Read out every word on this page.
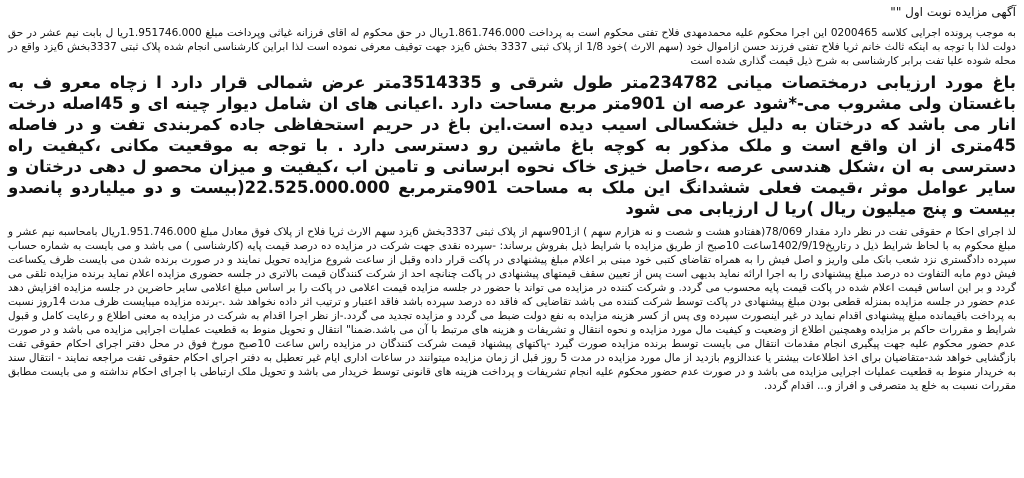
آگهی مزایده نوبت اول ""

به موجب پرونده اجرایی کلاسه 0200465 این اجرا محکوم علیه محمدمهدی فلاح تفتی محکوم است به پرداخت 1.861.746.000ریال در حق محکوم له اقای فرزانه غیاثی وپرداخت مبلغ 1.951746.000ریا ل بابت نیم عشر در حق دولت لذا با توجه به اینکه ثالث خانم ثریا فلاح تفتی فرزند حسن ازاموال خود (سهم الارث )خود 1/8 از پلاک ثبتی 3337 بخش 6یزد جهت توقیف معرفی نموده است لذا ابراین کارشناسی انجام شده پلاک ثبتی 3337بخش 6یزد واقع در محله شوده علیا تفت برابر کارشناسی به شرح ذیل قیمت گذاری شده است

باغ مورد ارزیابی درمختصات میانی 234782متر طول شرقی و 3514335متر عرض شمالی قرار دارد ا زچاه معرو ف به باغستان ولی مشروب می-*شود عرصه ان 901متر مربع مساحت دارد .اعیانی های ان شامل دیوار چینه ای و 45اصله درخت انار می باشد که درختان به دلیل خشکسالی اسیب دیده است.این باغ در حریم استحفاظی جاده کمربندی تفت و در فاصله 45متری از ان واقع است و ملک مذکور به کوچه باغ ماشین رو دسترسی دارد . با توجه به موقعیت مکانی ،کیفیت راه دسترسی به ان ،شکل هندسی عرصه ،حاصل خیزی خاک نحوه ابرسانی و تامین اب ،کیفیت و میزان محصو ل دهی درختان و سایر عوامل موثر ،قیمت فعلی ششدانگ این ملک به مساحت 901مترمربع 22.525.000.000(بیست و دو میلیاردو پانصدو بیست و پنج میلیون ریال )ریا ل ارزیابی می شود

لذ اجرای احکا م حقوقی تفت در نظر دارد مقدار 78/069(هفتادو هشت و شصت و نه هزارم سهم ) از901سهم از پلاک ثبتی 3337بخش 6یزد سهم الارث ثریا فلاح از پلاک فوق معادل مبلغ 1.951.746.000ریال بامحاسبه نیم عشر و مبلغ محکوم به با لحاظ شرایط ذیل د رتاریخ1402/9/19ساعت 10صبح از طریق مزایده با شرایط ذیل بفروش برساند: -سپرده نقدی جهت شرکت در مزایده ده درصد قیمت پایه (کارشناسی ) می باشد و می بایست به شماره حساب سپرده دادگستری نزد شعب بانک ملی واریز و اصل فیش را به همراه تقاضای کتبی خود مبنی بر اعلام مبلغ پیشنهادی در پاکت قرار داده وقبل از ساعت شروع مزایده تحویل نمایند و در صورت برنده شدن می بایست ظرف یکساعت فیش دوم مابه التفاوت ده درصد مبلغ پیشنهادی را به اجرا ارائه نماید بدیهی است پس از تعیین سقف قیمتهای پیشنهادی در پاکت چنانچه احد از شرکت کنندگان قیمت بالاتری در جلسه حضوری مزایده اعلام نماید برنده مزایده تلقی می گردد و بر این اساس قیمت اعلام شده در پاکت قیمت پایه محسوب می گردد. و شرکت کننده در مزایده می تواند با حضور در جلسه مزایده قیمت اعلامی در پاکت را بر اساس مبلغ اعلامی سایر حاضرین در جلسه مزایده افزایش دهد عدم حضور در جلسه مزایده بمنزله قطعی بودن مبلغ پیشنهادی در پاکت توسط شرکت کننده می باشد تقاضایی که فاقد ده درصد سپرده باشد فاقد اعتبار و ترتیب اثر داده نخواهد شد .-برنده مزایده میبایست ظرف مدت 14روز نسبت به پرداخت باقیمانده مبلغ پیشنهادی اقدام نماید در غیر اینصورت سپرده وی پس از کسر هزینه مزایده به نفع دولت ضبط می گردد و مزایده تجدید می گردد.-از نظر اجرا اقدام به شرکت در مزایده به معنی اطلاع و رعایت کامل و قبول شرایط و مقررات حاکم بر مزایده وهمچنین اطلاع از وضعیت و کیفیت مال مورد مزایده و نحوه انتقال و تشریفات و هزینه های مرتبط با آن می باشد.ضمنا" انتقال و تحویل منوط به قطعیت عملیات اجرایی مزایده می باشد و در صورت عدم حضور محکوم علیه جهت پیگیری انجام مقدمات انتقال می بایست توسط برنده مزایده صورت گیرد -پاکتهای پیشنهاد قیمت شرکت کنندگان در مزایده راس ساعت 10صبح مورخ فوق در محل دفتر اجرای احکام حقوقی تفت بازگشایی خواهد شد-متقاضیان برای اخذ اطلاعات بیشتر یا عندالزوم بازدید از مال مورد مزایده در مدت 5 روز قبل از زمان مزایده میتوانند در ساعات اداری ایام غیر تعطیل به دفتر اجرای احکام حقوقی تفت مراجعه نمایند - انتقال سند به خریدار منوط به قطعیت عملیات اجرایی مزایده می باشد و در صورت عدم حضور محکوم علیه انجام تشریفات و پرداخت هزینه های قانونی توسط خریدار می باشد و تحویل ملک ارتباطی با اجرای احکام نداشته و می بایست مطابق مقررات نسبت به خلع ید متصرفی و افراز و... اقدام گردد.
